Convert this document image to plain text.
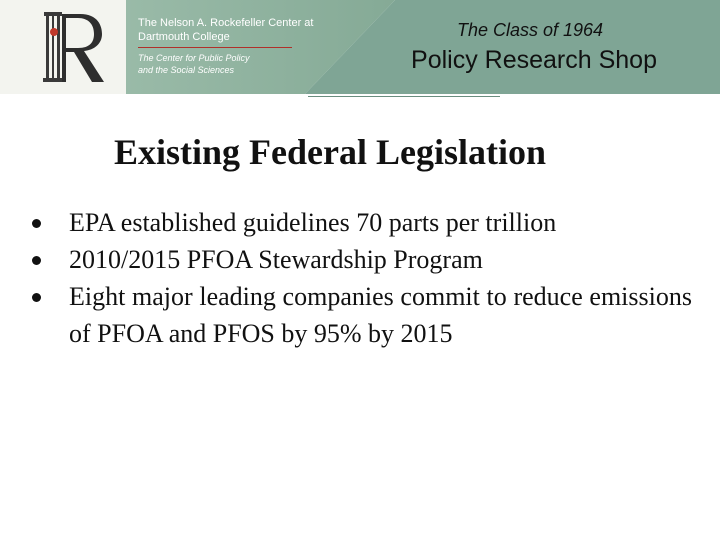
The Nelson A. Rockefeller Center at
Dartmouth College
The Center for Public Policy
and the Social Sciences
The Class of 1964
Policy Research Shop
Existing Federal Legislation
EPA established guidelines 70 parts per trillion
2010/2015 PFOA Stewardship Program
Eight major leading companies commit to reduce emissions of PFOA and PFOS by 95% by 2015
